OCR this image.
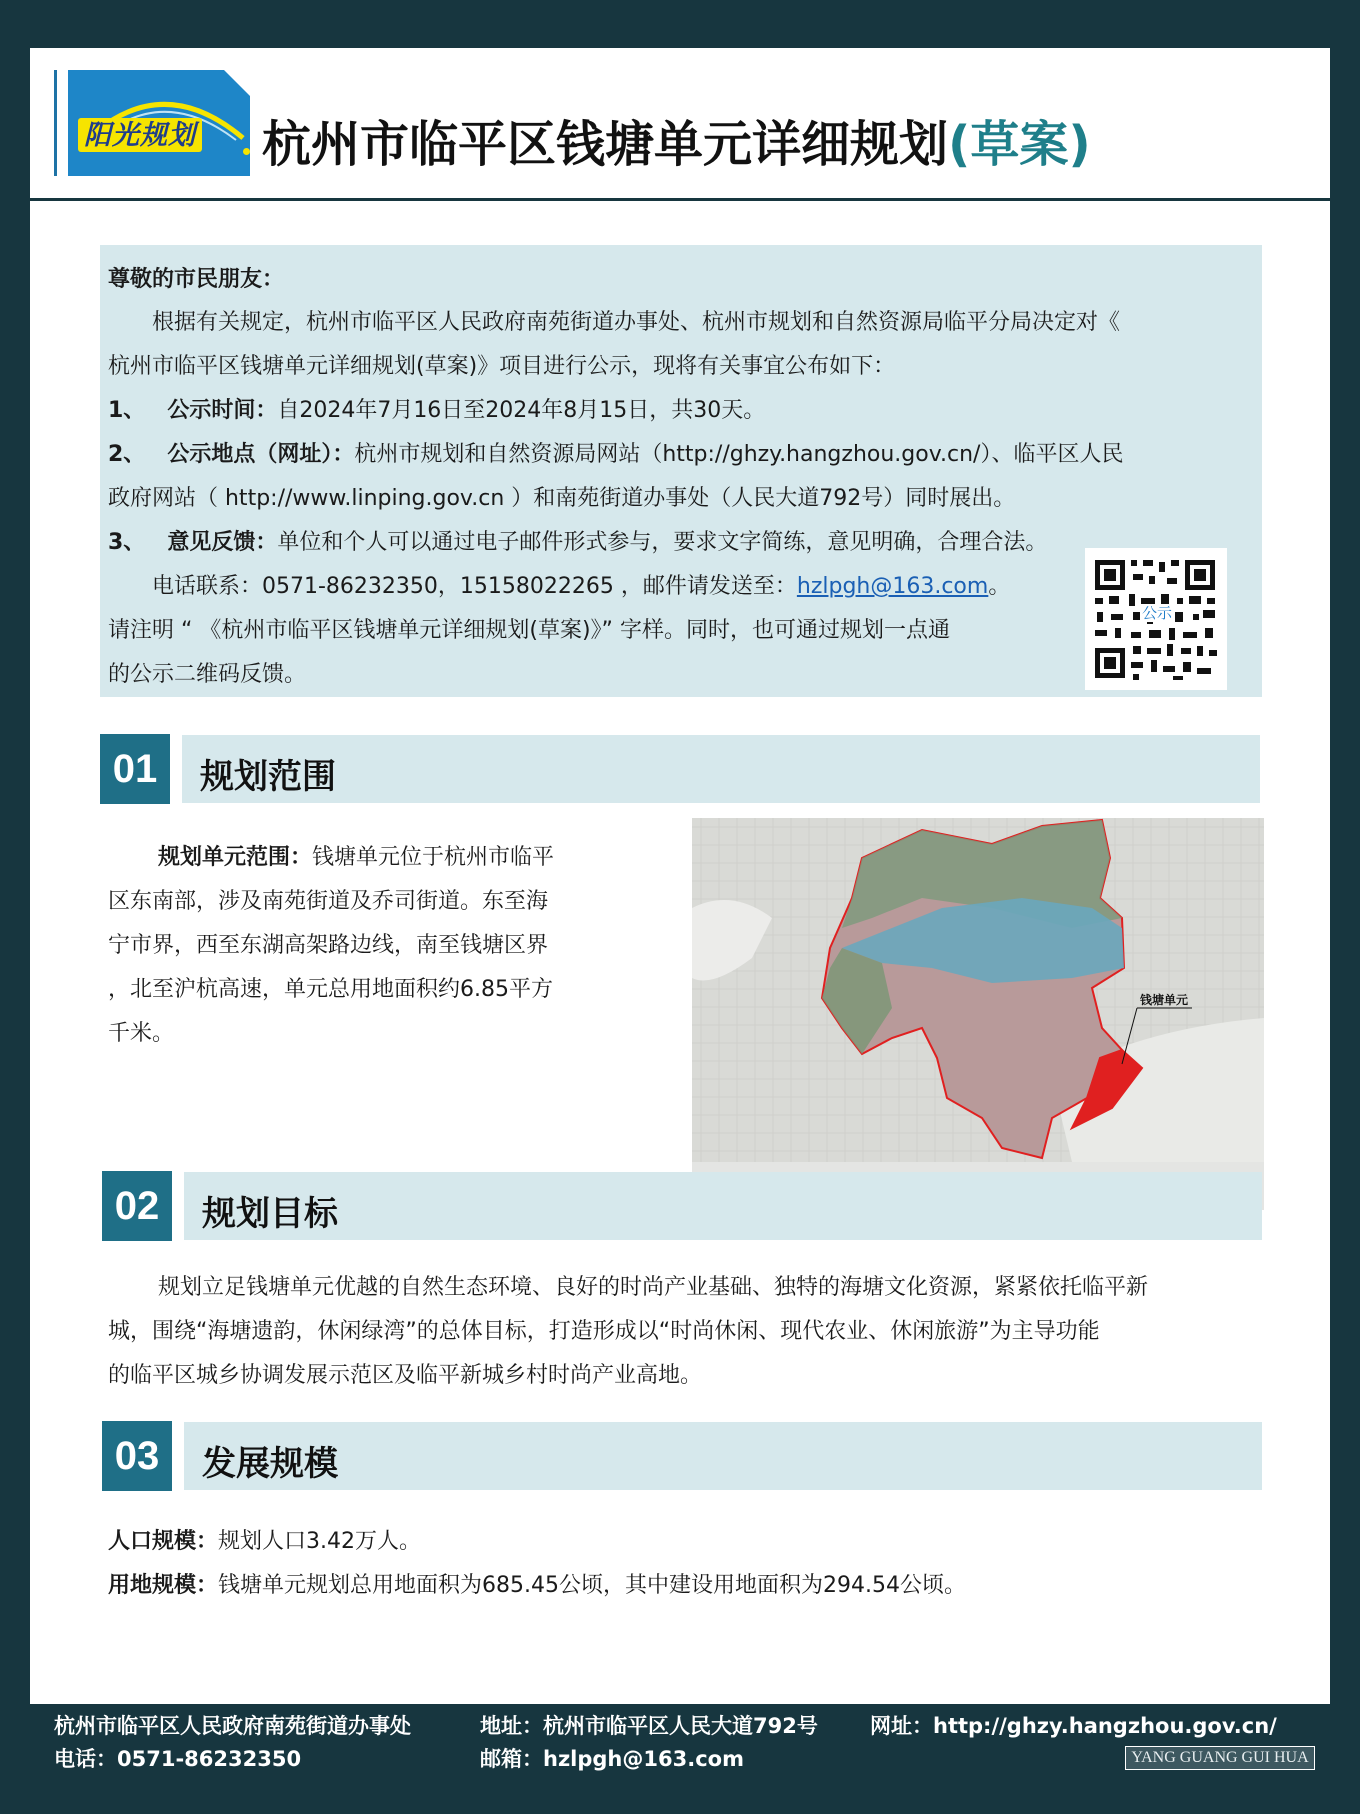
阳光规划 杭州市临平区钱塘单元详细规划(草案)

尊敬的市民朋友：

根据有关规定，杭州市临平区人民政府南苑街道办事处、杭州市规划和自然资源局临平分局决定对《

杭州市临平区钱塘单元详细规划(草案)》项目进行公示，现将有关事宜公布如下：

1、 公示时间：自2024年7月16日至2024年8月15日，共30天。

2、 公示地点（网址）：杭州市规划和自然资源局网站（http://ghzy.hangzhou.gov.cn/）、临平区人民

政府网站（ http://www.linping.gov.cn ）和南苑街道办事处（人民大道792号）同时展出。

3、 意见反馈：单位和个人可以通过电子邮件形式参与，要求文字简练，意见明确，合理合法。

电话联系：0571-86232350，15158022265 ，邮件请发送至：hzlpgh@163.com。

请注明 “ 《杭州市临平区钱塘单元详细规划(草案)》” 字样。同时，也可通过规划一点通

的公示二维码反馈。

公示
01	规划范围

规划单元范围：钱塘单元位于杭州市临平

区东南部，涉及南苑街道及乔司街道。东至海

宁市界，西至东湖高架路边线，南至钱塘区界

，北至沪杭高速，单元总用地面积约6.85平方

千米。

钱塘单元
02	规划目标

规划立足钱塘单元优越的自然生态环境、良好的时尚产业基础、独特的海塘文化资源，紧紧依托临平新

城，围绕“海塘遗韵，休闲绿湾”的总体目标，打造形成以“时尚休闲、现代农业、休闲旅游”为主导功能

的临平区城乡协调发展示范区及临平新城乡村时尚产业高地。

03	发展规模

人口规模：规划人口3.42万人。

用地规模：钱塘单元规划总用地面积为685.45公顷，其中建设用地面积为294.54公顷。

杭州市临平区人民政府南苑街道办事处
电话：0571-86232350
地址：杭州市临平区人民大道792号
邮箱：hzlpgh@163.com
网址：http://ghzy.hangzhou.gov.cn/
YANG GUANG GUI HUA
